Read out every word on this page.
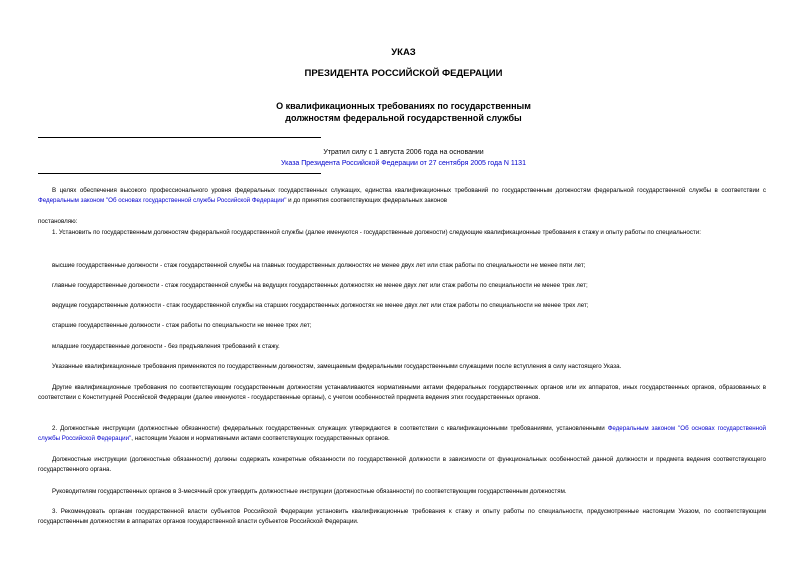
УКАЗ
ПРЕЗИДЕНТА РОССИЙСКОЙ ФЕДЕРАЦИИ
О квалификационных требованиях по государственным
должностям федеральной государственной службы
Утратил силу с 1 августа 2006 года на основании
Указа Президента Российской Федерации от 27 сентября 2005 года N 1131
В целях обеспечения высокого профессионального уровня федеральных государственных служащих, единства квалификационных требований по государственным должностям федеральной государственной службы в соответствии с Федеральным законом "Об основах государственной службы Российской Федерации" и до принятия соответствующих федеральных законов
постановляю:
1. Установить по государственным должностям федеральной государственной службы (далее именуются - государственные должности) следующие квалификационные требования к стажу и опыту работы по специальности:
высшие государственные должности - стаж государственной службы на главных государственных должностях не менее двух лет или стаж работы по специальности не менее пяти лет;
главные государственные должности - стаж государственной службы на ведущих государственных должностях не менее двух лет или стаж работы по специальности не менее трех лет;
ведущие государственные должности - стаж государственной службы на старших государственных должностях не менее двух лет или стаж работы по специальности не менее трех лет;
старшие государственные должности - стаж работы по специальности не менее трех лет;
младшие государственные должности - без предъявления требований к стажу.
Указанные квалификационные требования применяются по государственным должностям, замещаемым федеральными государственными служащими после вступления в силу настоящего Указа.
Другие квалификационные требования по соответствующим государственным должностям устанавливаются нормативными актами федеральных государственных органов или их аппаратов, иных государственных органов, образованных в соответствии с Конституцией Российской Федерации (далее именуются - государственные органы), с учетом особенностей предмета ведения этих государственных органов.
2. Должностные инструкции (должностные обязанности) федеральных государственных служащих утверждаются в соответствии с квалификационными требованиями, установленными Федеральным законом "Об основах государственной службы Российской Федерации", настоящим Указом и нормативными актами соответствующих государственных органов.
Должностные инструкции (должностные обязанности) должны содержать конкретные обязанности по государственной должности в зависимости от функциональных особенностей данной должности и предмета ведения соответствующего государственного органа.
Руководителям государственных органов в 3-месячный срок утвердить должностные инструкции (должностные обязанности) по соответствующим государственным должностям.
3. Рекомендовать органам государственной власти субъектов Российской Федерации установить квалификационные требования к стажу и опыту работы по специальности, предусмотренные настоящим Указом, по соответствующим государственным должностям в аппаратах органов государственной власти субъектов Российской Федерации.
